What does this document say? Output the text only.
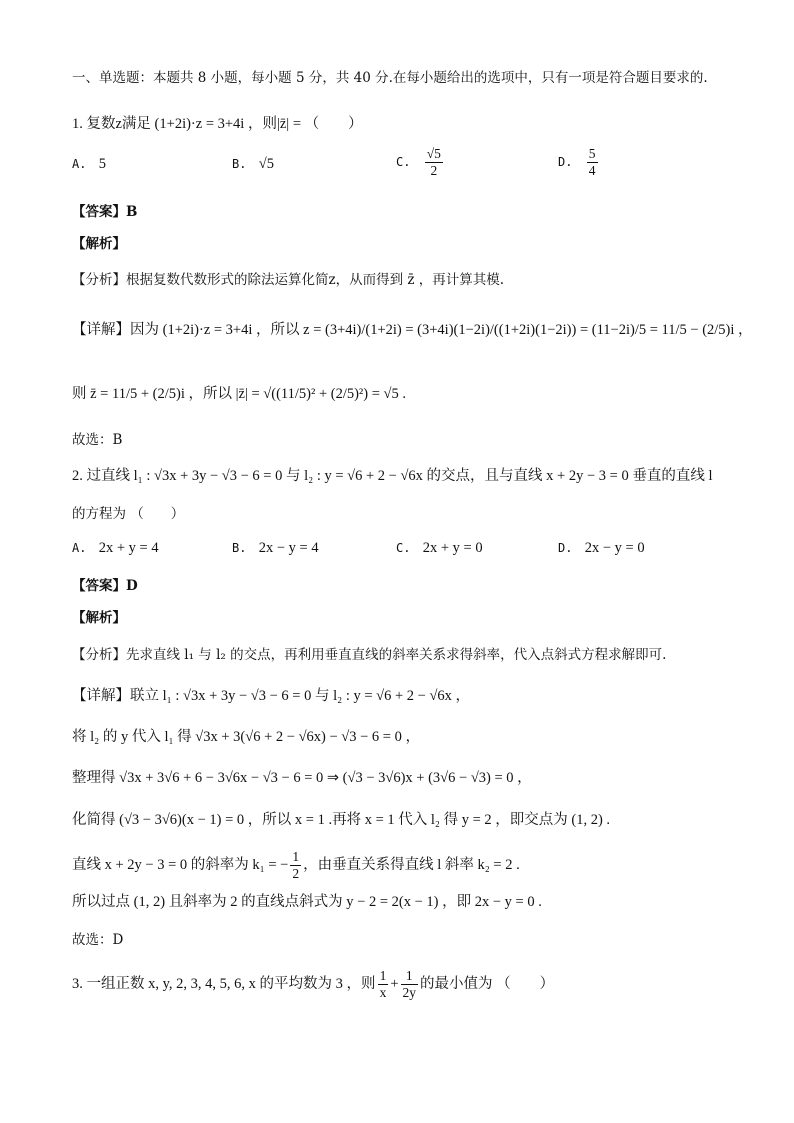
一、单选题：本题共 8 小题，每小题 5 分，共 40 分.在每小题给出的选项中，只有一项是符合题目要求的.
1. 复数z满足 (1+2i)·z = 3+4i ，则|z̄| = （　　）
A. 5	B. √5	C. $\frac{√5}{2}$	D. $\frac{5}{4}$
【答案】B
【解析】
【分析】根据复数代数形式的除法运算化简z，从而得到 z̄ ，再计算其模.
【详解】因为 (1+2i)·z = 3+4i ，所以 z = (3+4i)/(1+2i) = (3+4i)(1−2i)/((1+2i)(1−2i)) = (11−2i)/5 = 11/5 − (2/5)i ，
则 z̄ = 11/5 + (2/5)i ，所以 |z̄| = √((11/5)² + (2/5)²) = √5 .
故选：B
2. 过直线 l₁ : √3x + 3y − √3 − 6 = 0 与 l₂ : y = √6 + 2 − √6x 的交点，且与直线 x + 2y − 3 = 0 垂直的直线 l
的方程为 （　　）
A. 2x + y = 4	B. 2x − y = 4	C. 2x + y = 0	D. 2x − y = 0
【答案】D
【解析】
【分析】先求直线 l₁ 与 l₂ 的交点，再利用垂直直线的斜率关系求得斜率，代入点斜式方程求解即可.
【详解】联立 l₁ : √3x + 3y − √3 − 6 = 0 与 l₂ : y = √6 + 2 − √6x ，
将 l₂ 的 y 代入 l₁ 得 √3x + 3(√6 + 2 − √6x) − √3 − 6 = 0 ，
整理得 √3x + 3√6 + 6 − 3√6x − √3 − 6 = 0 ⇒ (√3 − 3√6)x + (3√6 − √3) = 0 ，
化简得 (√3 − 3√6)(x − 1) = 0 ，所以 x = 1 .再将 x = 1 代入 l₂ 得 y = 2 ，即交点为 (1, 2) .
直线 x + 2y − 3 = 0 的斜率为 k₁ = − $\frac{1}{2}$ ，由垂直关系得直线 l 斜率 k₂ = 2 .
所以过点 (1, 2) 且斜率为 2 的直线点斜式为 y − 2 = 2(x − 1) ，即 2x − y = 0 .
故选：D
3. 一组正数 x, y, 2, 3, 4, 5, 6, x 的平均数为 3 ，则 $\frac{1}{x} + \frac{1}{2y}$ 的最小值为 （　　）
